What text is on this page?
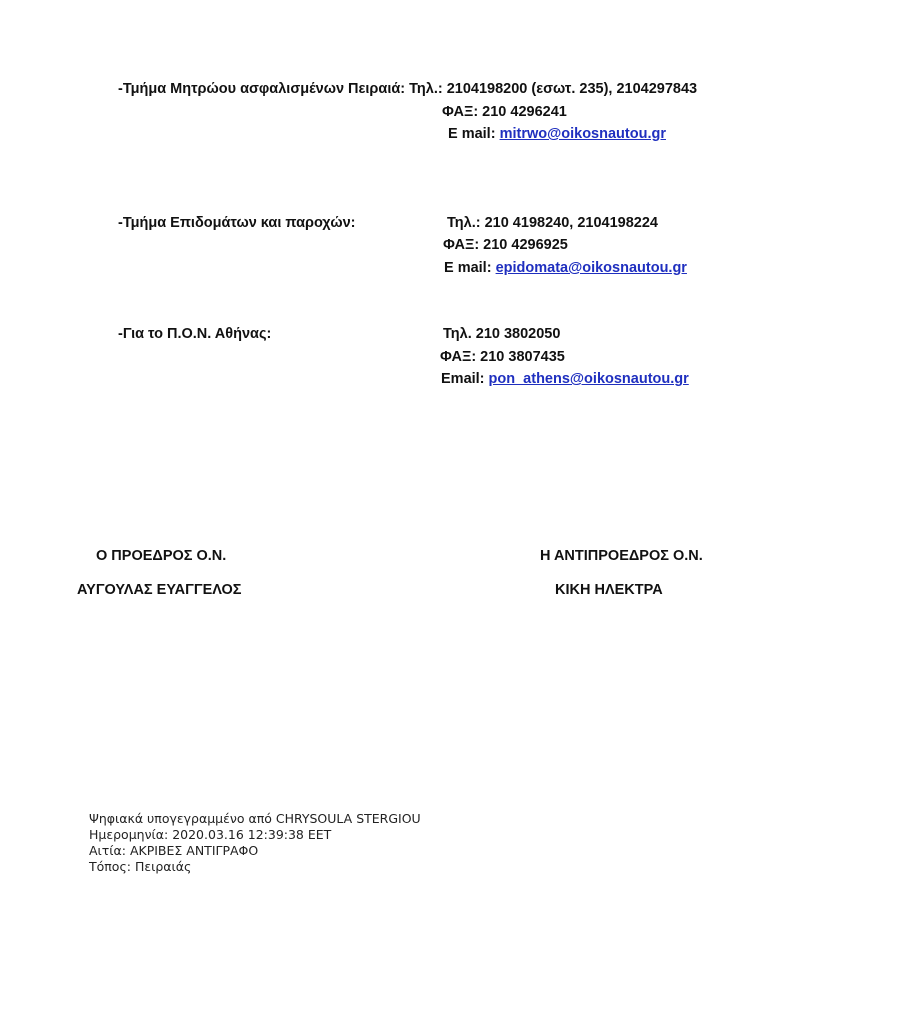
-Τμήμα Μητρώου ασφαλισμένων Πειραιά: Τηλ.: 2104198200 (εσωτ. 235), 2104297843
ΦΑΞ: 210 4296241
E mail: mitrwo@oikosnautou.gr
-Τμήμα Επιδομάτων και παροχών:	Τηλ.: 210 4198240, 2104198224
ΦΑΞ: 210 4296925
E mail: epidomata@oikosnautou.gr
-Για το Π.Ο.Ν. Αθήνας:	Τηλ. 210 3802050
ΦΑΞ: 210 3807435
Email: pon_athens@oikosnautou.gr
Ο ΠΡΟΕΔΡΟΣ Ο.Ν.
ΑΥΓΟΥΛΑΣ ΕΥΑΓΓΕΛΟΣ
Η ΑΝΤΙΠΡΟΕΔΡΟΣ Ο.Ν.
ΚΙΚΗ ΗΛΕΚΤΡΑ
Ψηφιακά υπογεγραμμένο από CHRYSOULA STERGIOU
Ημερομηνία: 2020.03.16 12:39:38 EET
Αιτία: ΑΚΡΙΒΕΣ ΑΝΤΙΓΡΑΦΟ
Τόπος: Πειραιάς
